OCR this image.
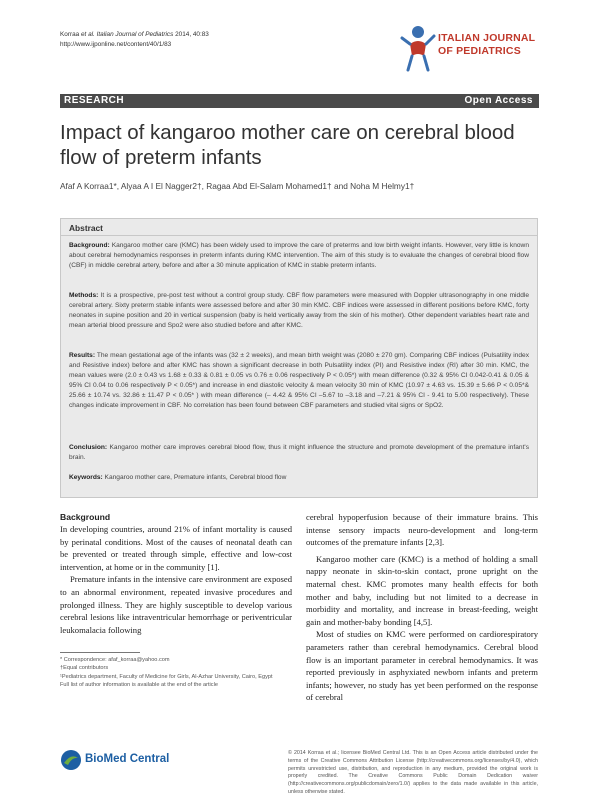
Korraa et al. Italian Journal of Pediatrics 2014, 40:83
http://www.ijponline.net/content/40/1/83
ITALIAN JOURNAL
OF PEDIATRICS
RESEARCH	Open Access
Impact of kangaroo mother care on cerebral blood flow of preterm infants
Afaf A Korraa1*, Alyaa A I El Nagger2†, Ragaa Abd El-Salam Mohamed1† and Noha M Helmy1†
Abstract
Background: Kangaroo mother care (KMC) has been widely used to improve the care of preterms and low birth weight infants. However, very little is known about cerebral hemodynamics responses in preterm infants during KMC intervention. The aim of this study is to evaluate the changes of cerebral blood flow (CBF) in middle cerebral artery, before and after a 30 minute application of KMC in stable preterm infants.
Methods: It is a prospective, pre-post test without a control group study. CBF flow parameters were measured with Doppler ultrasonography in one middle cerebral artery. Sixty preterm stable infants were assessed before and after 30 min KMC. CBF indices were assessed in different positions before KMC, forty neonates in supine position and 20 in vertical suspension (baby is held vertically away from the skin of his mother). Other dependent variables heart rate and mean arterial blood pressure and Spo2 were also studied before and after KMC.
Results: The mean gestational age of the infants was (32 ± 2 weeks), and mean birth weight was (2080 ± 270 gm). Comparing CBF indices (Pulsatility index and Resistive index) before and after KMC has shown a significant decrease in both Pulsatility index (PI) and Resistive index (RI) after 30 min. KMC, the mean values were (2.0 ± 0.43 vs 1.68 ± 0.33 & 0.81 ± 0.05 vs 0.76 ± 0.06 respectively P < 0.05*) with mean difference (0.32 & 95% CI 0.042-0.41 & 0.05 & 95% CI 0.04 to 0.06 respectively P < 0.05*) and increase in end diastolic velocity & mean velocity 30 min of KMC (10.97 ± 4.63 vs. 15.39 ± 5.66 P < 0.05*& 25.66 ± 10.74 vs. 32.86 ± 11.47 P < 0.05* ) with mean difference (– 4.42 & 95% CI –5.67 to –3.18 and –7.21 & 95% CI - 9.41 to 5.00 respectively). These changes indicate improvement in CBF. No correlation has been found between CBF parameters and studied vital signs or SpO2.
Conclusion: Kangaroo mother care improves cerebral blood flow, thus it might influence the structure and promote development of the premature infant's brain.
Keywords: Kangaroo mother care, Premature infants, Cerebral blood flow
Background

In developing countries, around 21% of infant mortality is caused by perinatal conditions. Most of the causes of neonatal death can be prevented or treated through simple, effective and low-cost intervention, at home or in the community [1].

Premature infants in the intensive care environment are exposed to an abnormal environment, repeated invasive procedures and prolonged illness. They are highly susceptible to develop various cerebral lesions like intraventricular hemorrhage or periventricular leukomalacia following

cerebral hypoperfusion because of their immature brains. This intense sensory impacts neuro-development and long-term outcomes of the premature infants [2,3].

Kangaroo mother care (KMC) is a method of holding a small nappy neonate in skin-to-skin contact, prone upright on the maternal chest. KMC promotes many health effects for both mother and baby, including but not limited to a decrease in morbidity and mortality, and increase in breast-feeding, weight gain and mother-baby bonding [4,5].

Most of studies on KMC were performed on cardiorespiratory parameters rather than cerebral hemodynamics. Cerebral blood flow is an important parameter in cerebral hemodynamics. It was reported previously in asphyxiated newborn infants and preterm infants; however, no study has yet been performed on the response of cerebral

* Correspondence: afaf_korraa@yahoo.com
†Equal contributors
¹Pediatrics department, Faculty of Medicine for Girls, Al-Azhar University, Cairo, Egypt
Full list of author information is available at the end of the article
BioMed Central	© 2014 Korraa et al.; licensee BioMed Central Ltd. This is an Open Access article distributed under the terms of the Creative Commons Attribution License (http://creativecommons.org/licenses/by/4.0), which permits unrestricted use, distribution, and reproduction in any medium, provided the original work is properly credited. The Creative Commons Public Domain Dedication waiver (http://creativecommons.org/publicdomain/zero/1.0/) applies to the data made available in this article, unless otherwise stated.
